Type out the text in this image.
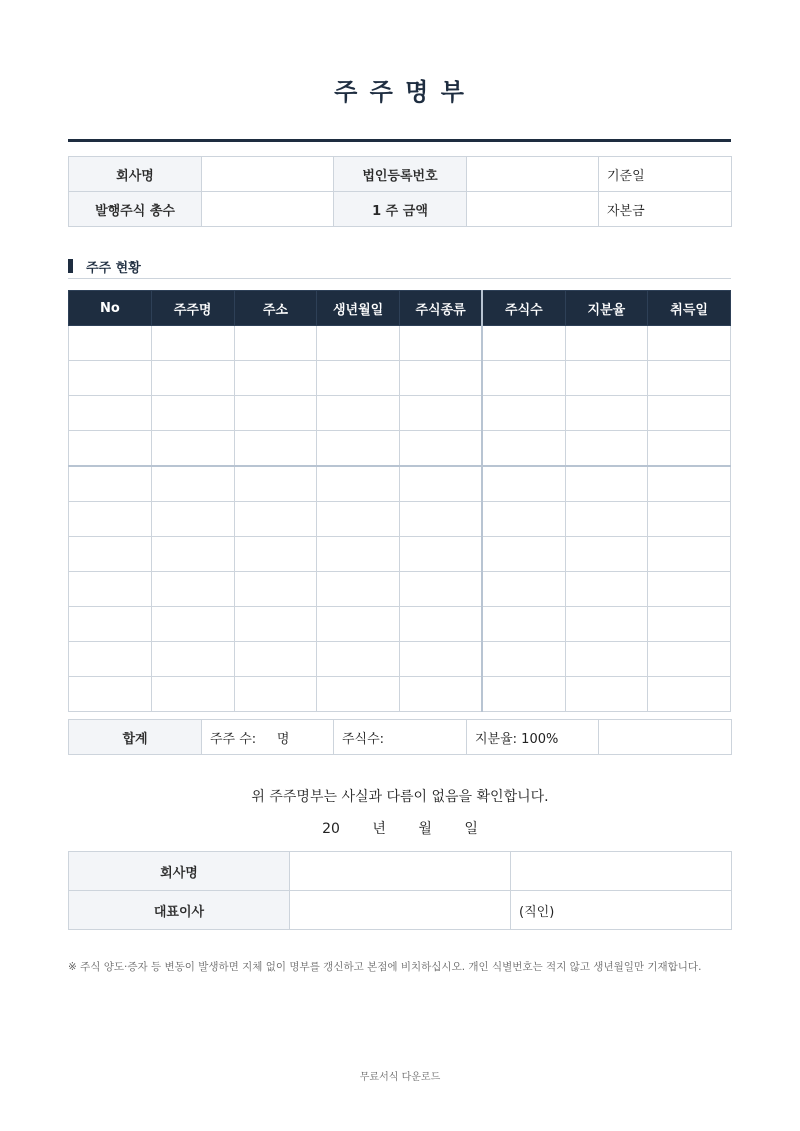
주 주 명 부
회사명		법인등록번호		기준일
발행주식 총수		1 주 금액		자본금
주주 현황
No	주주명	주소	생년월일	주식종류	주식수	지분율	취득일

합계	주주 수:     명	주식수:	지분율: 100%	
위 주주명부는 사실과 다름이 없음을 확인합니다.
20 년 월 일
회사명		
대표이사		(직인)
※ 주식 양도·증자 등 변동이 발생하면 지체 없이 명부를 갱신하고 본점에 비치하십시오. 개인 식별번호는 적지 않고 생년월일만 기재합니다.
무료서식 다운로드
